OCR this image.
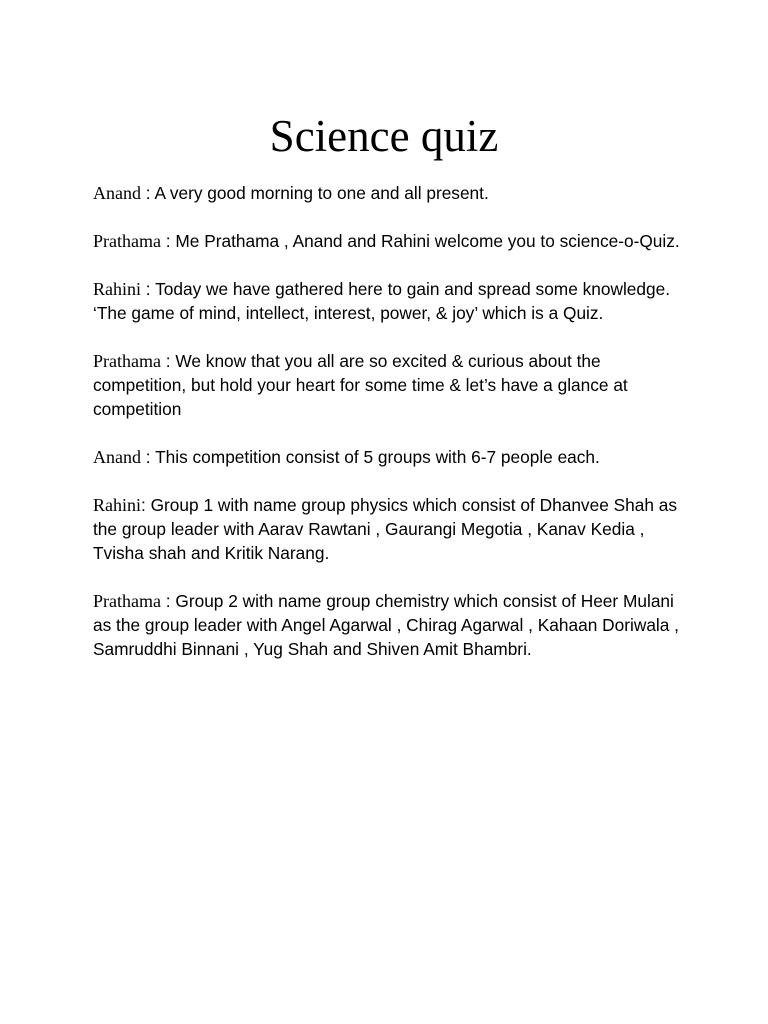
Science quiz

Anand : A very good morning to one and all present.

Prathama : Me Prathama , Anand and Rahini welcome you to science-o-Quiz.

Rahini : Today we have gathered here to gain and spread some knowledge. ‘The game of mind, intellect, interest, power, & joy’ which is a Quiz.

Prathama : We know that you all are so excited & curious about the competition, but hold your heart for some time & let’s have a glance at competition

Anand : This competition consist of 5 groups with 6-7 people each.

Rahini: Group 1 with name group physics which consist of Dhanvee Shah as the group leader with Aarav Rawtani , Gaurangi Megotia , Kanav Kedia , Tvisha shah and Kritik Narang.

Prathama : Group 2 with name group chemistry which consist of Heer Mulani as the group leader with Angel Agarwal , Chirag Agarwal , Kahaan Doriwala , Samruddhi Binnani , Yug Shah and Shiven Amit Bhambri.
